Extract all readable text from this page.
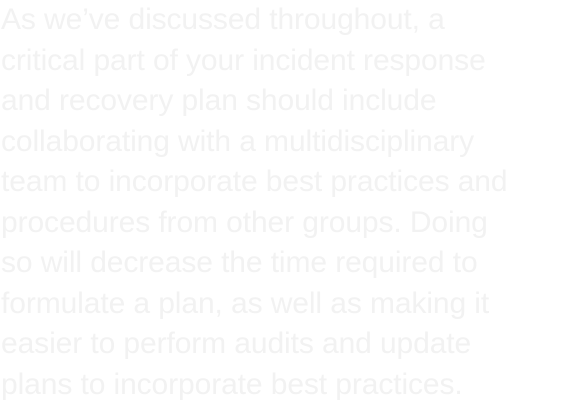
As we’ve discussed throughout, a
critical part of your incident response
and recovery plan should include
collaborating with a multidisciplinary
team to incorporate best practices and
procedures from other groups. Doing
so will decrease the time required to
formulate a plan, as well as making it
easier to perform audits and update
plans to incorporate best practices.
